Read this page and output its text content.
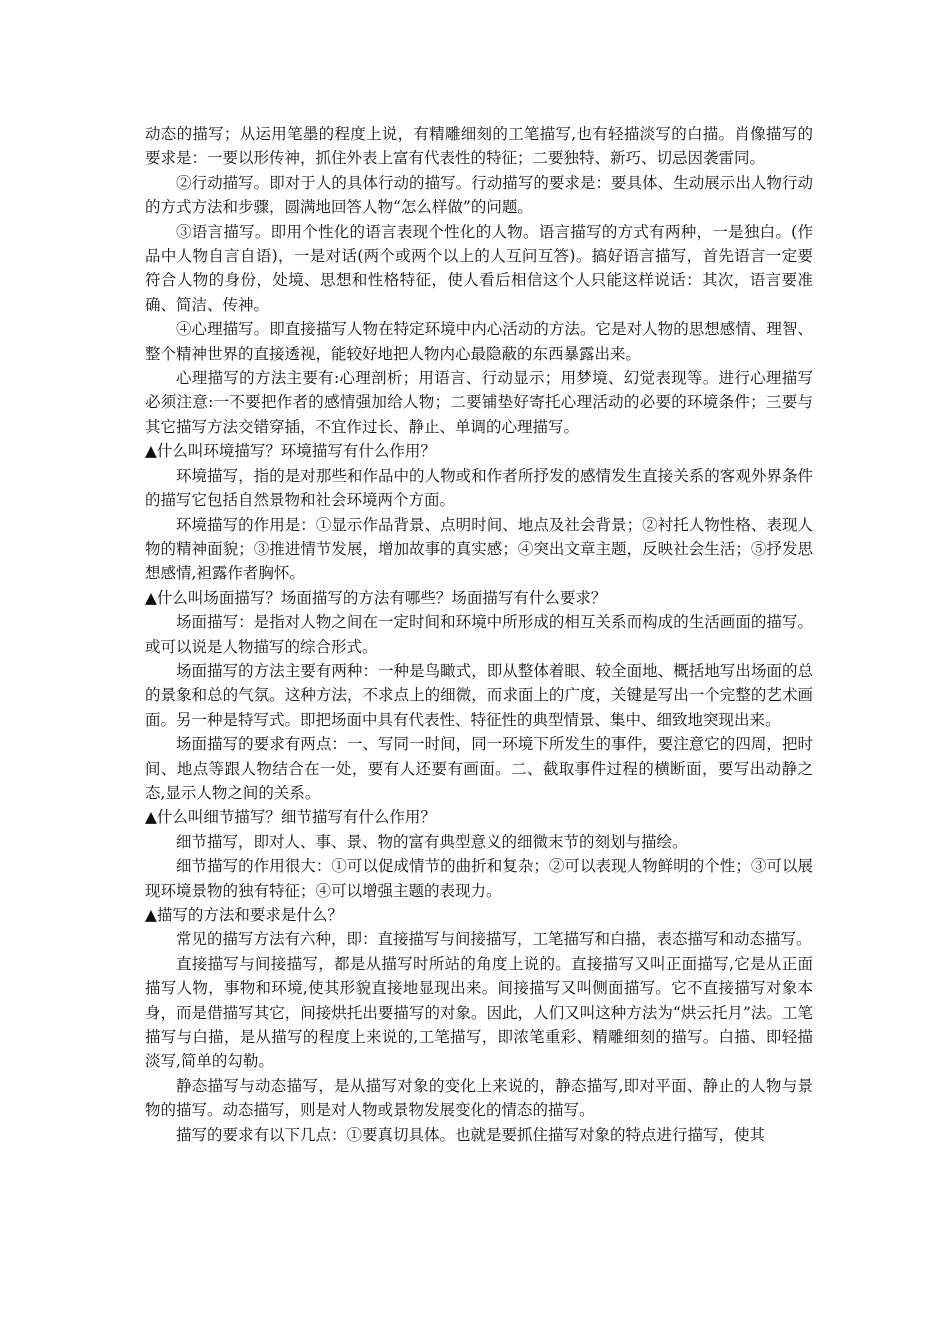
动态的描写；从运用笔墨的程度上说，有精雕细刻的工笔描写,也有轻描淡写的白描。肖像描写的要求是：一要以形传神，抓住外表上富有代表性的特征；二要独特、新巧、切忌因袭雷同。

②行动描写。即对于人的具体行动的描写。行动描写的要求是：要具体、生动展示出人物行动的方式方法和步骤，圆满地回答人物“怎么样做”的问题。

③语言描写。即用个性化的语言表现个性化的人物。语言描写的方式有两种，一是独白。(作品中人物自言自语)，一是对话(两个或两个以上的人互问互答)。搞好语言描写，首先语言一定要符合人物的身份，处境、思想和性格特征，使人看后相信这个人只能这样说话：其次，语言要准确、简洁、传神。

④心理描写。即直接描写人物在特定环境中内心活动的方法。它是对人物的思想感情、理智、整个精神世界的直接透视，能较好地把人物内心最隐蔽的东西暴露出来。

心理描写的方法主要有:心理剖析；用语言、行动显示；用梦境、幻觉表现等。进行心理描写必须注意:一不要把作者的感情强加给人物；二要铺垫好寄托心理活动的必要的环境条件；三要与其它描写方法交错穿插，不宜作过长、静止、单调的心理描写。

▲什么叫环境描写？环境描写有什么作用？

环境描写，指的是对那些和作品中的人物或和作者所抒发的感情发生直接关系的客观外界条件的描写它包括自然景物和社会环境两个方面。

环境描写的作用是：①显示作品背景、点明时间、地点及社会背景；②衬托人物性格、表现人物的精神面貌；③推进情节发展，增加故事的真实感；④突出文章主题，反映社会生活；⑤抒发思想感情,袒露作者胸怀。

▲什么叫场面描写？场面描写的方法有哪些？场面描写有什么要求？

场面描写：是指对人物之间在一定时间和环境中所形成的相互关系而构成的生活画面的描写。或可以说是人物描写的综合形式。

场面描写的方法主要有两种：一种是鸟瞰式，即从整体着眼、较全面地、概括地写出场面的总的景象和总的气氛。这种方法，不求点上的细微，而求面上的广度，关键是写出一个完整的艺术画面。另一种是特写式。即把场面中具有代表性、特征性的典型情景、集中、细致地突现出来。

场面描写的要求有两点：一、写同一时间，同一环境下所发生的事件，要注意它的四周，把时间、地点等跟人物结合在一处，要有人还要有画面。二、截取事件过程的横断面，要写出动静之态,显示人物之间的关系。

▲什么叫细节描写？细节描写有什么作用？

细节描写，即对人、事、景、物的富有典型意义的细微末节的刻划与描绘。

细节描写的作用很大：①可以促成情节的曲折和复杂；②可以表现人物鲜明的个性；③可以展现环境景物的独有特征；④可以增强主题的表现力。

▲描写的方法和要求是什么？

常见的描写方法有六种，即：直接描写与间接描写，工笔描写和白描，表态描写和动态描写。

直接描写与间接描写，都是从描写时所站的角度上说的。直接描写又叫正面描写,它是从正面描写人物，事物和环境,使其形貌直接地显现出来。间接描写又叫侧面描写。它不直接描写对象本身，而是借描写其它，间接烘托出要描写的对象。因此，人们又叫这种方法为“烘云托月”法。工笔描写与白描，是从描写的程度上来说的,工笔描写，即浓笔重彩、精雕细刻的描写。白描、即轻描淡写,简单的勾勒。

静态描写与动态描写，是从描写对象的变化上来说的，静态描写,即对平面、静止的人物与景物的描写。动态描写，则是对人物或景物发展变化的情态的描写。

描写的要求有以下几点：①要真切具体。也就是要抓住描写对象的特点进行描写，使其
